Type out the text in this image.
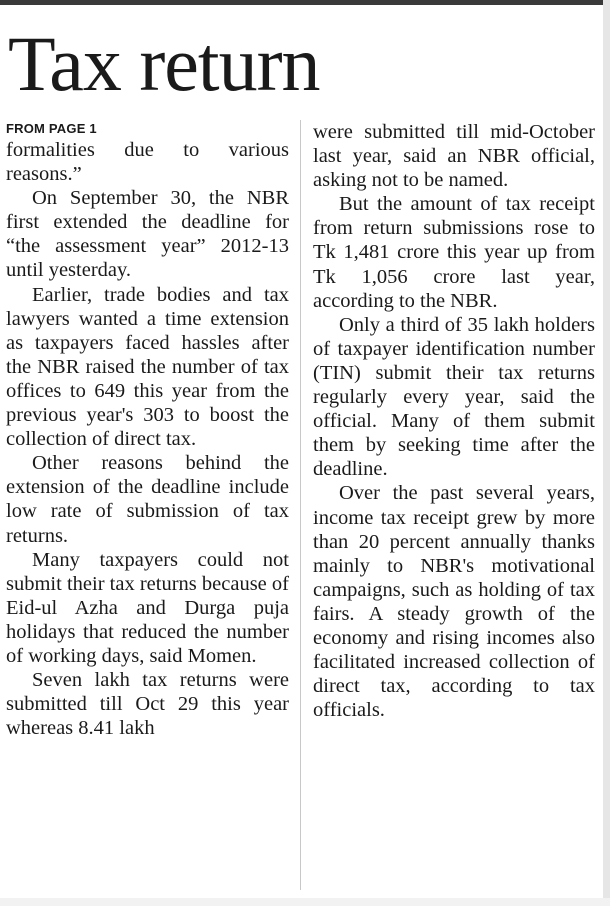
Tax return

FROM PAGE 1

formalities due to various reasons.”

On September 30, the NBR first extended the deadline for “the assessment year” 2012-13 until yesterday.

Earlier, trade bodies and tax lawyers wanted a time extension as taxpayers faced hassles after the NBR raised the number of tax offices to 649 this year from the previous year's 303 to boost the collection of direct tax.

Other reasons behind the extension of the deadline include low rate of submission of tax returns.

Many taxpayers could not submit their tax returns because of Eid-ul Azha and Durga puja holidays that reduced the number of working days, said Momen.

Seven lakh tax returns were submitted till Oct 29 this year whereas 8.41 lakh

were submitted till mid-October last year, said an NBR official, asking not to be named.

But the amount of tax receipt from return submissions rose to Tk 1,481 crore this year up from Tk 1,056 crore last year, according to the NBR.

Only a third of 35 lakh holders of taxpayer identification number (TIN) submit their tax returns regularly every year, said the official. Many of them submit them by seeking time after the deadline.

Over the past several years, income tax receipt grew by more than 20 percent annually thanks mainly to NBR's motivational campaigns, such as holding of tax fairs. A steady growth of the economy and rising incomes also facilitated increased collection of direct tax, according to tax officials.
